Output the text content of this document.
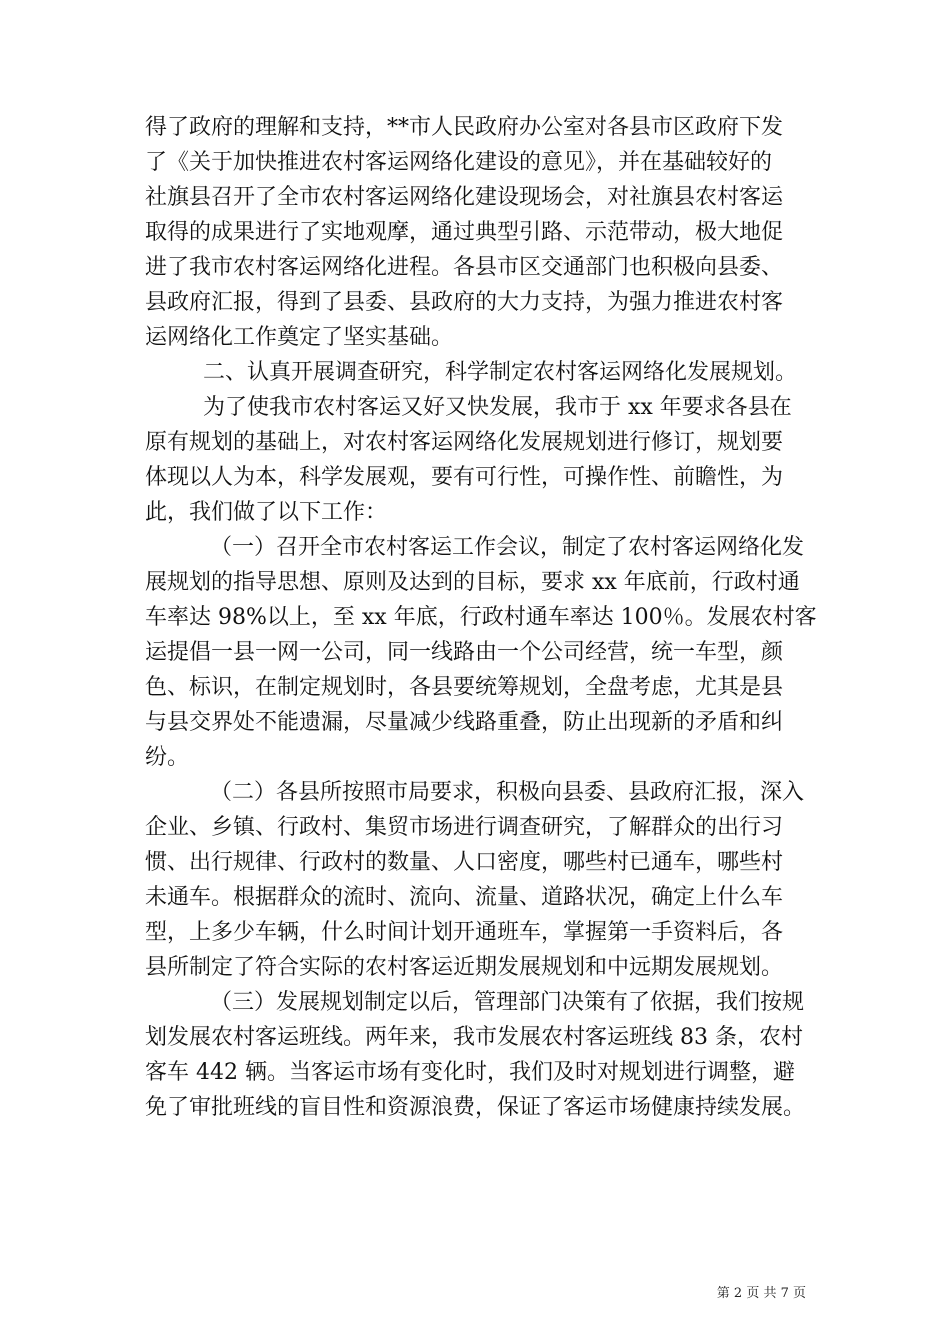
得了政府的理解和支持，**市人民政府办公室对各县市区政府下发
了《关于加快推进农村客运网络化建设的意见》，并在基础较好的
社旗县召开了全市农村客运网络化建设现场会，对社旗县农村客运
取得的成果进行了实地观摩，通过典型引路、示范带动，极大地促
进了我市农村客运网络化进程。各县市区交通部门也积极向县委、
县政府汇报，得到了县委、县政府的大力支持，为强力推进农村客
运网络化工作奠定了坚实基础。
二、认真开展调查研究，科学制定农村客运网络化发展规划。
为了使我市农村客运又好又快发展，我市于 xx 年要求各县在
原有规划的基础上，对农村客运网络化发展规划进行修订，规划要
体现以人为本，科学发展观，要有可行性，可操作性、前瞻性，为
此，我们做了以下工作：
（一）召开全市农村客运工作会议，制定了农村客运网络化发
展规划的指导思想、原则及达到的目标，要求 xx 年底前，行政村通
车率达 98%以上，至 xx 年底，行政村通车率达 100％。发展农村客
运提倡一县一网一公司，同一线路由一个公司经营，统一车型，颜
色、标识，在制定规划时，各县要统筹规划，全盘考虑，尤其是县
与县交界处不能遗漏，尽量减少线路重叠，防止出现新的矛盾和纠
纷。
（二）各县所按照市局要求，积极向县委、县政府汇报，深入
企业、乡镇、行政村、集贸市场进行调查研究，了解群众的出行习
惯、出行规律、行政村的数量、人口密度，哪些村已通车，哪些村
未通车。根据群众的流时、流向、流量、道路状况，确定上什么车
型，上多少车辆，什么时间计划开通班车，掌握第一手资料后，各
县所制定了符合实际的农村客运近期发展规划和中远期发展规划。
（三）发展规划制定以后，管理部门决策有了依据，我们按规
划发展农村客运班线。两年来，我市发展农村客运班线 83 条，农村
客车 442 辆。当客运市场有变化时，我们及时对规划进行调整，避
免了审批班线的盲目性和资源浪费，保证了客运市场健康持续发展。
第 2 页 共 7 页
